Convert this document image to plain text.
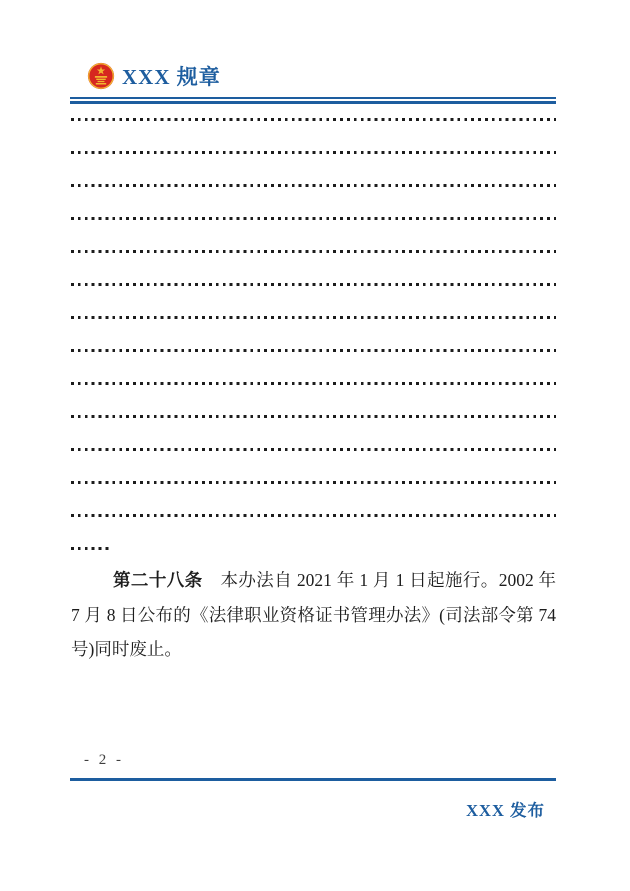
XXX 规章

第二十八条　本办法自 2021 年 1 月 1 日起施行。2002 年 7 月 8 日公布的《法律职业资格证书管理办法》(司法部令第 74 号)同时废止。

- 2 -
XXX 发布
